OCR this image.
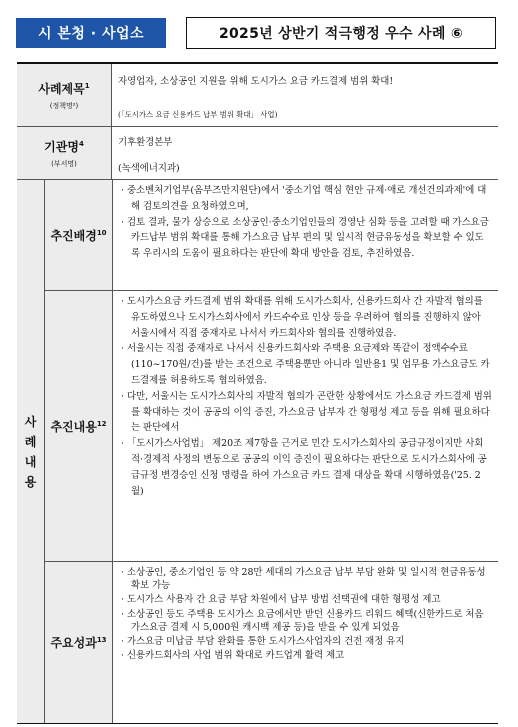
시 본청 · 사업소	2025년 상반기 적극행정 우수 사례 ⑥
사례제목$^1$
(정책명²)
자영업자, 소상공인 지원을 위해 도시가스 요금 카드결제 범위 확대!
(「도시가스 요금 신용카드 납부 범위 확대」 사업)
기관명$^4$
(부서명)
기후환경본부
(녹색에너지과)
사
례
내
용
추진배경$^{10}$

· 중소벤처기업부(옴부즈만지원단)에서 '중소기업 핵심 현안 규제·애로 개선건의과제'에 대해 검토의견을 요청하였으며,

· 검토 결과, 물가 상승으로 소상공인·중소기업인들의 경영난 심화 등을 고려할 때 가스요금 카드납부 범위 확대를 통해 가스요금 납부 편의 및 일시적 현금유동성을 확보할 수 있도록 우리시의 도움이 필요하다는 판단에 확대 방안을 검토, 추진하였음.

추진내용$^{12}$

· 도시가스요금 카드결제 범위 확대를 위해 도시가스회사, 신용카드회사 간 자발적 협의를 유도하였으나 도시가스회사에서 카드수수료 인상 등을 우려하여 협의를 진행하지 않아 서울시에서 직접 중재자로 나서서 카드회사와 협의를 진행하였음.

· 서울시는 직접 중재자로 나서서 신용카드회사와 주택용 요금제와 똑같이 정액수수료(110~170원/건)를 받는 조건으로 주택용뿐만 아니라 일반용1 및 업무용 가스요금도 카드결제를 허용하도록 협의하였음.

· 다만, 서울시는 도시가스회사의 자발적 협의가 곤란한 상황에서도 가스요금 카드결제 범위를 확대하는 것이 공공의 이익 증진, 가스요금 납부자 간 형평성 제고 등을 위해 필요하다는 판단에서

· 「도시가스사업법」 제20조 제7항을 근거로 민간 도시가스회사의 공급규정이지만 사회적·경제적 사정의 변동으로 공공의 이익 증진이 필요하다는 판단으로 도시가스회사에 공급규정 변경승인 신청 명령을 하여 가스요금 카드 결제 대상을 확대 시행하였음('25. 2월)

주요성과$^{13}$

· 소상공인, 중소기업인 등 약 28만 세대의 가스요금 납부 부담 완화 및 일시적 현금유동성 확보 가능

· 도시가스 사용자 간 요금 부담 차원에서 납부 방법 선택권에 대한 형평성 제고

· 소상공인 등도 주택용 도시가스 요금에서만 받던 신용카드 리워드 혜택(신한카드로 처음 가스요금 결제 시 5,000원 캐시백 제공 등)을 받을 수 있게 되었음

· 가스요금 미납금 부담 완화를 통한 도시가스사업자의 건전 재정 유지

· 신용카드회사의 사업 범위 확대로 카드업계 활력 제고
